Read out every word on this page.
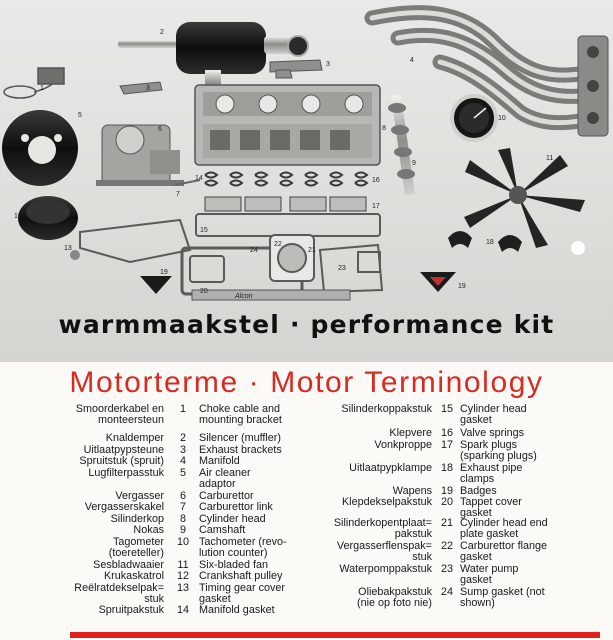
Alcon
1
2
3
3
4
5
6
7
8
9
10
11
12
13
14
15
16
17
18
19
19
20
21
22
23
24
warmmaakstel · performance kit
Motorterme · Motor Terminology
Smoorderkabel en
monteersteun
1	Choke cable and
mounting bracket
Knaldemper	2	Silencer (muffler)
Uitlaatpypsteune	3	Exhaust brackets
Spruitstuk (spruit)	4	Manifold
Lugfilterpasstuk	5	Air cleaner
adaptor
Vergasser	6	Carburettor
Vergasserskakel	7	Carburettor link
Silinderkop	8	Cylinder head
Nokas	9	Camshaft
Tagometer
(toereteller)
10 Tachometer (revo-
lution counter)
Sesbladwaaier	11 Six-bladed fan
Krukaskatrol 12 Crankshaft pulley
Reëlratdekselpak=
stuk
13 Timing gear cover
gasket
Spruitpakstuk 14 Manifold gasket
Silinderkoppakstuk 15 Cylinder head
gasket
Klepvere 16 Valve springs
Vonkproppe 17 Spark plugs
(sparking plugs)
Uitlaatpypklampe 18 Exhaust pipe
clamps
Wapens 19 Badges
Klepdekselpakstuk 20 Tappet cover
gasket
Silinderkopentplaat=
pakstuk
21 Cylinder head end
plate gasket
Vergasserflenspak=
stuk
22 Carburettor flange
gasket
Waterpomppakstuk 23 Water pump
gasket
Oliebakpakstuk
(nie op foto nie)
24 Sump gasket (not
shown)
